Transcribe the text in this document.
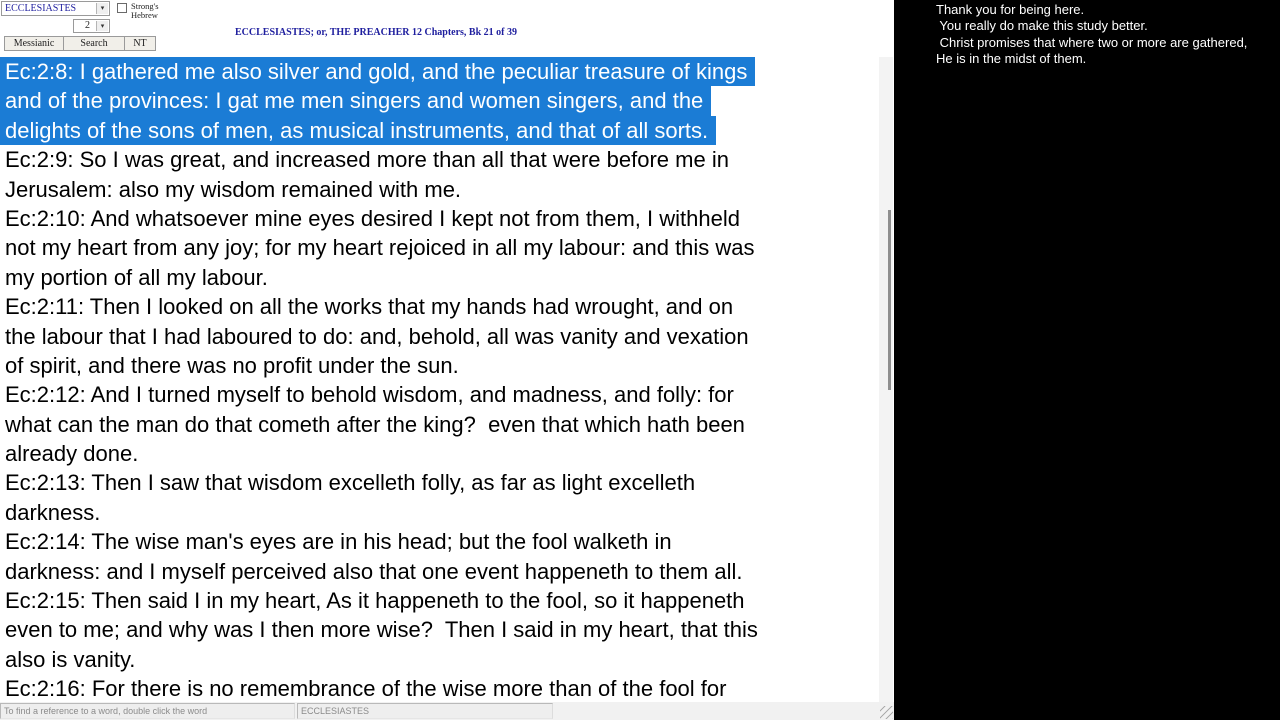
ECCLESIASTES	▾	Strong's
Hebrew
2	▾
Messianic	Search	NT
ECCLESIASTES; or, THE PREACHER 12 Chapters, Bk 21 of 39
Ec:2:8: I gathered me also silver and gold, and the peculiar treasure of kings
and of the provinces: I gat me men singers and women singers, and the
delights of the sons of men, as musical instruments, and that of all sorts.
Ec:2:9: So I was great, and increased more than all that were before me in
Jerusalem: also my wisdom remained with me.
Ec:2:10: And whatsoever mine eyes desired I kept not from them, I withheld
not my heart from any joy; for my heart rejoiced in all my labour: and this was
my portion of all my labour.
Ec:2:11: Then I looked on all the works that my hands had wrought, and on
the labour that I had laboured to do: and, behold, all was vanity and vexation
of spirit, and there was no profit under the sun.
Ec:2:12: And I turned myself to behold wisdom, and madness, and folly: for
what can the man do that cometh after the king?  even that which hath been
already done.
Ec:2:13: Then I saw that wisdom excelleth folly, as far as light excelleth
darkness.
Ec:2:14: The wise man's eyes are in his head; but the fool walketh in
darkness: and I myself perceived also that one event happeneth to them all.
Ec:2:15: Then said I in my heart, As it happeneth to the fool, so it happeneth
even to me; and why was I then more wise?  Then I said in my heart, that this
also is vanity.
Ec:2:16: For there is no remembrance of the wise more than of the fool for
To find a reference to a word, double click the word	ECCLESIASTES
Thank you for being here.
You really do make this study better.
Christ promises that where two or more are gathered,
He is in the midst of them.
